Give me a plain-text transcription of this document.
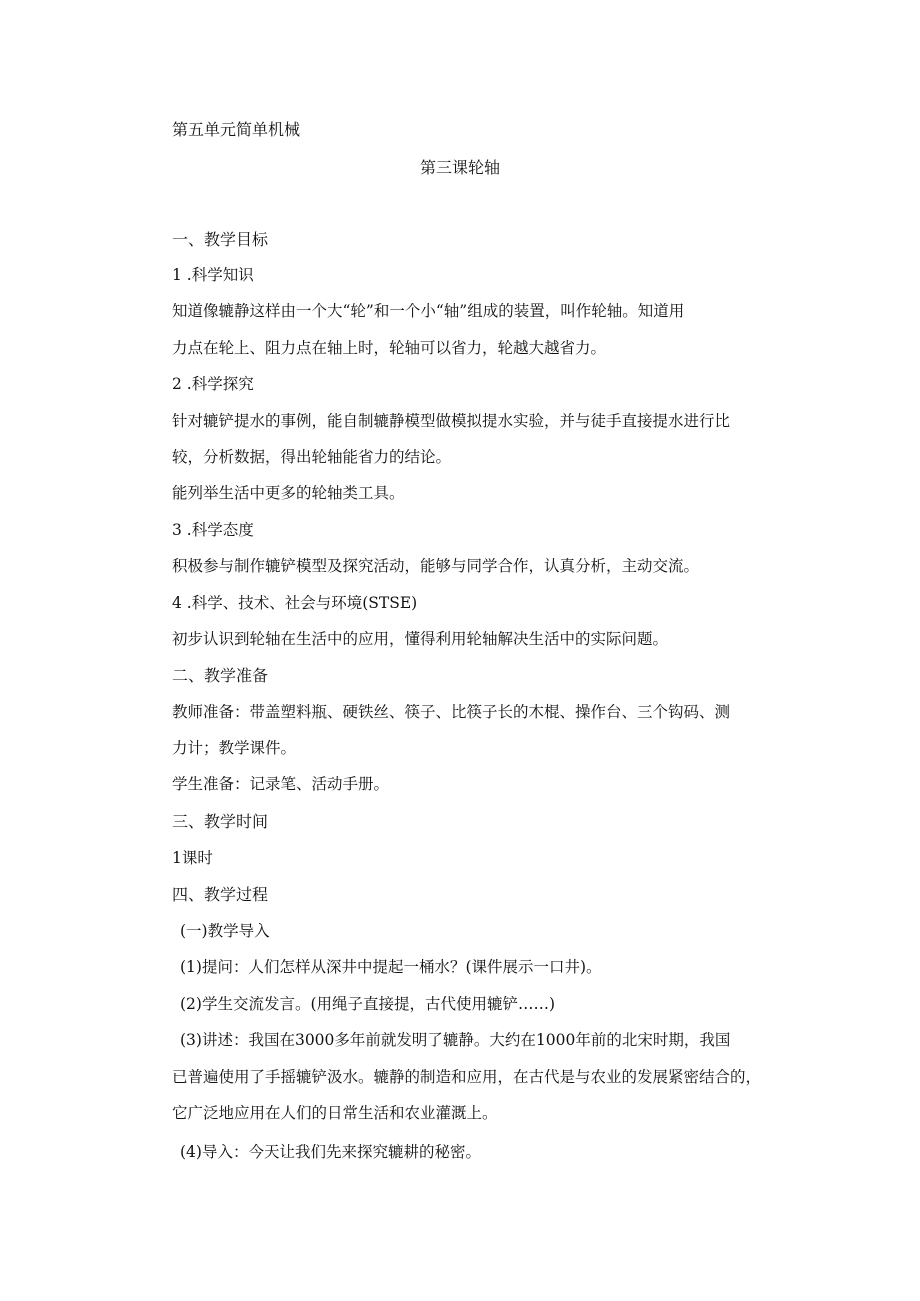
第五单元简单机械
第三课轮轴
一、教学目标
1 .科学知识
知道像辘静这样由一个大“轮”和一个小“轴”组成的装置，叫作轮轴。知道用
力点在轮上、阻力点在轴上时，轮轴可以省力，轮越大越省力。
2 .科学探究
针对辘铲提水的事例，能自制辘静模型做模拟提水实验，并与徒手直接提水进行比
较，分析数据，得出轮轴能省力的结论。
能列举生活中更多的轮轴类工具。
3 .科学态度
积极参与制作辘铲模型及探究活动，能够与同学合作，认真分析，主动交流。
4 .科学、技术、社会与环境(STSE)
初步认识到轮轴在生活中的应用，懂得利用轮轴解决生活中的实际问题。
二、教学准备
教师准备：带盖塑料瓶、硬铁丝、筷子、比筷子长的木棍、操作台、三个钩码、测
力计；教学课件。
学生准备：记录笔、活动手册。
三、教学时间
1课时
四、教学过程
(一)教学导入
(1)提问：人们怎样从深井中提起一桶水？(课件展示一口井)。
(2)学生交流发言。(用绳子直接提，古代使用辘铲……)
(3)讲述：我国在3000多年前就发明了辘静。大约在1000年前的北宋时期，我国
已普遍使用了手摇辘铲汲水。辘静的制造和应用，在古代是与农业的发展紧密结合的，
它广泛地应用在人们的日常生活和农业灌溉上。
(4)导入：今天让我们先来探究辘耕的秘密。
